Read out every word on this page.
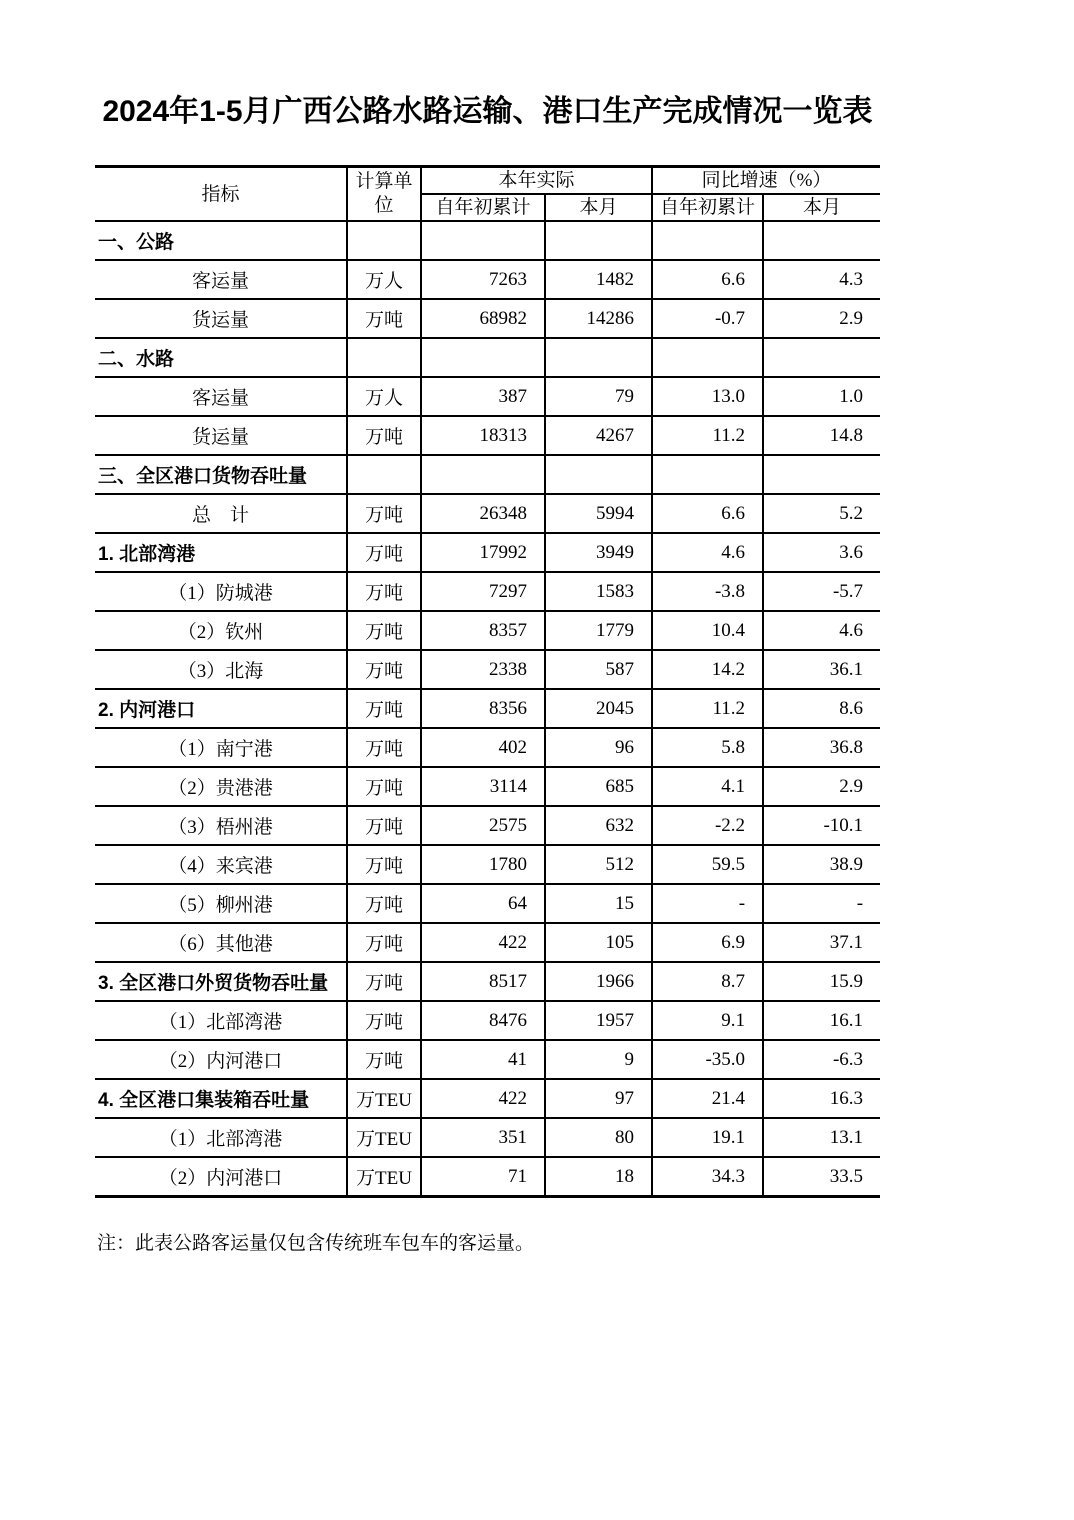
2024年1-5月广西公路水路运输、港口生产完成情况一览表
指标	计算单位	本年实际		同比增速（%）	
		自年初累计	本月	自年初累计	本月
一、公路					
客运量	万人	7263	1482	6.6	4.3
货运量	万吨	68982	14286	-0.7	2.9
二、水路					
客运量	万人	387	79	13.0	1.0
货运量	万吨	18313	4267	11.2	14.8
三、全区港口货物吞吐量					
总　计	万吨	26348	5994	6.6	5.2
1. 北部湾港	万吨	17992	3949	4.6	3.6
（1）防城港	万吨	7297	1583	-3.8	-5.7
（2）钦州	万吨	8357	1779	10.4	4.6
（3）北海	万吨	2338	587	14.2	36.1
2. 内河港口	万吨	8356	2045	11.2	8.6
（1）南宁港	万吨	402	96	5.8	36.8
（2）贵港港	万吨	3114	685	4.1	2.9
（3）梧州港	万吨	2575	632	-2.2	-10.1
（4）来宾港	万吨	1780	512	59.5	38.9
（5）柳州港	万吨	64	15	-	-
（6）其他港	万吨	422	105	6.9	37.1
3. 全区港口外贸货物吞吐量	万吨	8517	1966	8.7	15.9
（1）北部湾港	万吨	8476	1957	9.1	16.1
（2）内河港口	万吨	41	9	-35.0	-6.3
4. 全区港口集装箱吞吐量	万TEU	422	97	21.4	16.3
（1）北部湾港	万TEU	351	80	19.1	13.1
（2）内河港口	万TEU	71	18	34.3	33.5
注：此表公路客运量仅包含传统班车包车的客运量。
